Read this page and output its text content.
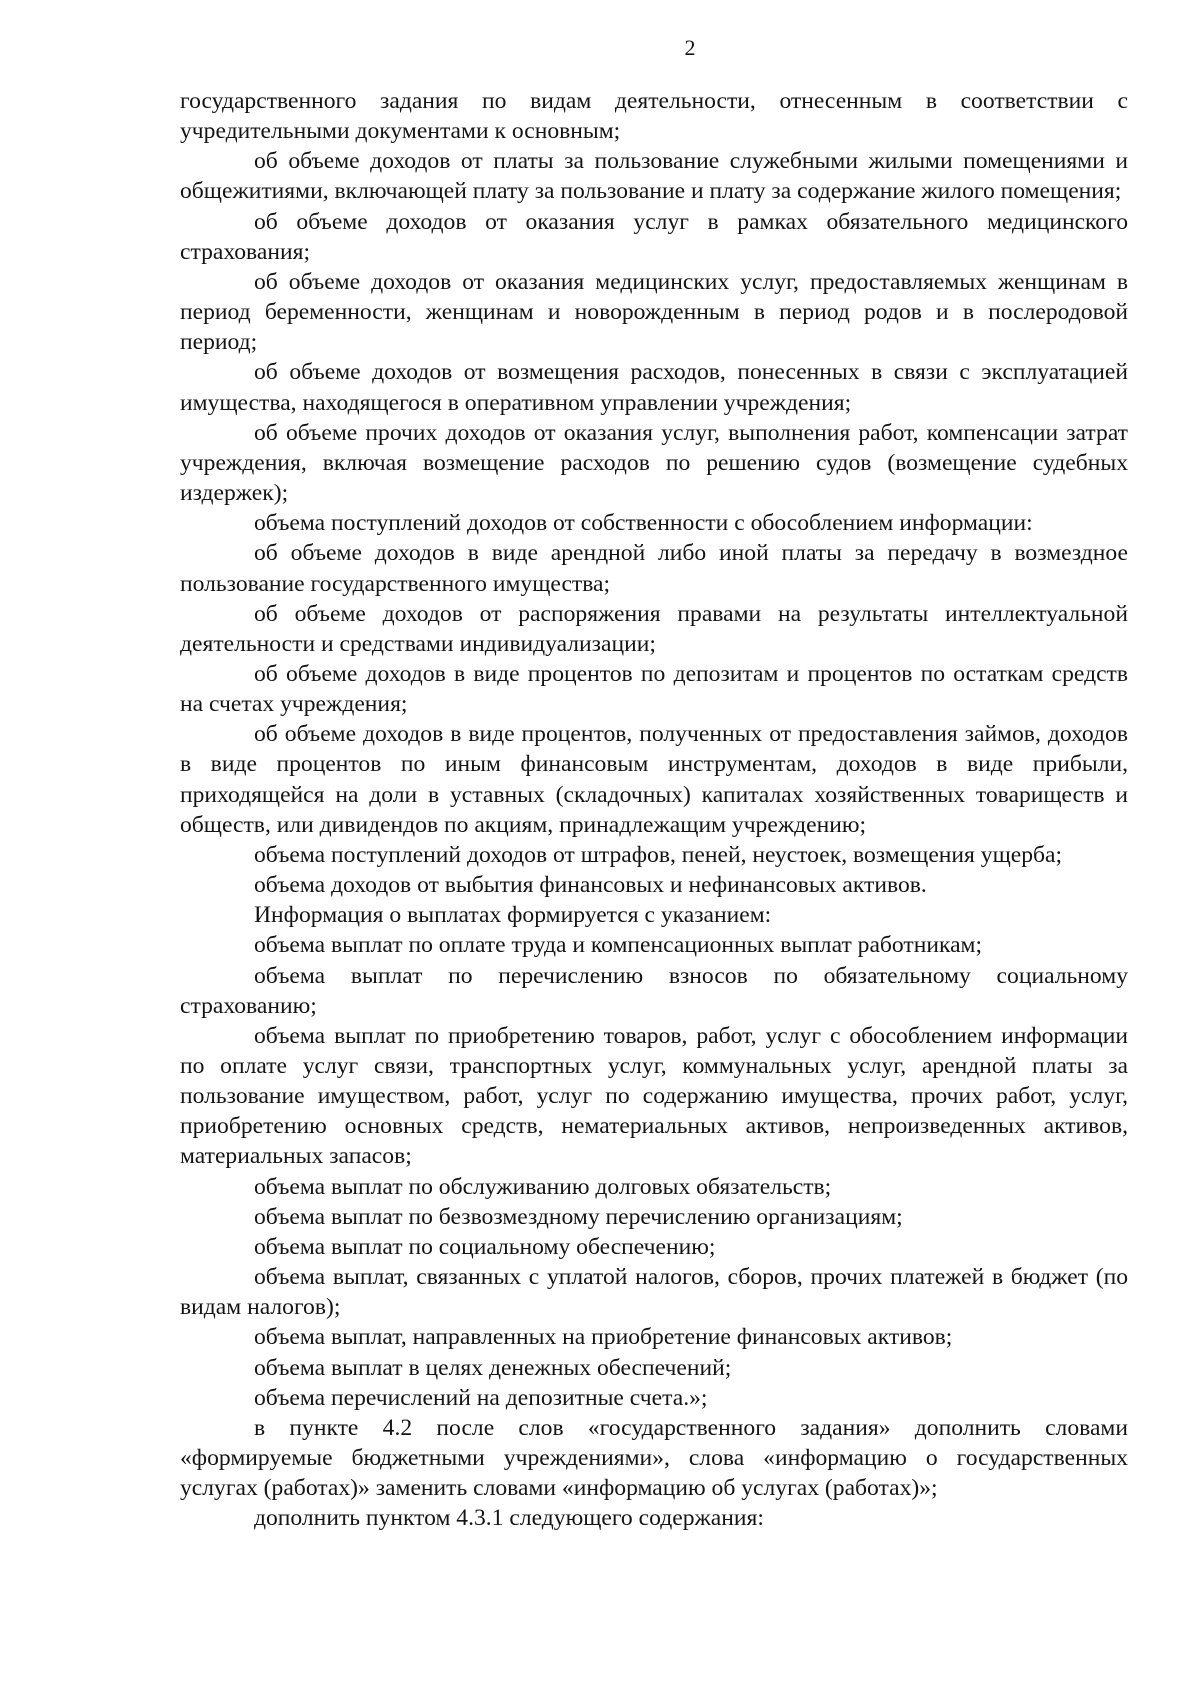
2

государственного задания по видам деятельности, отнесенным в соответствии с учредительными документами к основным;

об объеме доходов от платы за пользование служебными жилыми помещениями и общежитиями, включающей плату за пользование и плату за содержание жилого помещения;

об объеме доходов от оказания услуг в рамках обязательного медицинского страхования;

об объеме доходов от оказания медицинских услуг, предоставляемых женщинам в период беременности, женщинам и новорожденным в период родов и в послеродовой период;

об объеме доходов от возмещения расходов, понесенных в связи с эксплуатацией имущества, находящегося в оперативном управлении учреждения;

об объеме прочих доходов от оказания услуг, выполнения работ, компенсации затрат учреждения, включая возмещение расходов по решению судов (возмещение судебных издержек);

объема поступлений доходов от собственности с обособлением информации:

об объеме доходов в виде арендной либо иной платы за передачу в возмездное пользование государственного имущества;

об объеме доходов от распоряжения правами на результаты интеллектуальной деятельности и средствами индивидуализации;

об объеме доходов в виде процентов по депозитам и процентов по остаткам средств на счетах учреждения;

об объеме доходов в виде процентов, полученных от предоставления займов, доходов в виде процентов по иным финансовым инструментам, доходов в виде прибыли, приходящейся на доли в уставных (складочных) капиталах хозяйственных товариществ и обществ, или дивидендов по акциям, принадлежащим учреждению;

объема поступлений доходов от штрафов, пеней, неустоек, возмещения ущерба;

объема доходов от выбытия финансовых и нефинансовых активов.

Информация о выплатах формируется с указанием:

объема выплат по оплате труда и компенсационных выплат работникам;

объема выплат по перечислению взносов по обязательному социальному страхованию;

объема выплат по приобретению товаров, работ, услуг с обособлением информации по оплате услуг связи, транспортных услуг, коммунальных услуг, арендной платы за пользование имуществом, работ, услуг по содержанию имущества, прочих работ, услуг, приобретению основных средств, нематериальных активов, непроизведенных активов, материальных запасов;

объема выплат по обслуживанию долговых обязательств;

объема выплат по безвозмездному перечислению организациям;

объема выплат по социальному обеспечению;

объема выплат, связанных с уплатой налогов, сборов, прочих платежей в бюджет (по видам налогов);

объема выплат, направленных на приобретение финансовых активов;

объема выплат в целях денежных обеспечений;

объема перечислений на депозитные счета.»;

в пункте 4.2 после слов «государственного задания» дополнить словами «формируемые бюджетными учреждениями», слова «информацию о государственных услугах (работах)» заменить словами «информацию об услугах (работах)»;

дополнить пунктом 4.3.1 следующего содержания:
